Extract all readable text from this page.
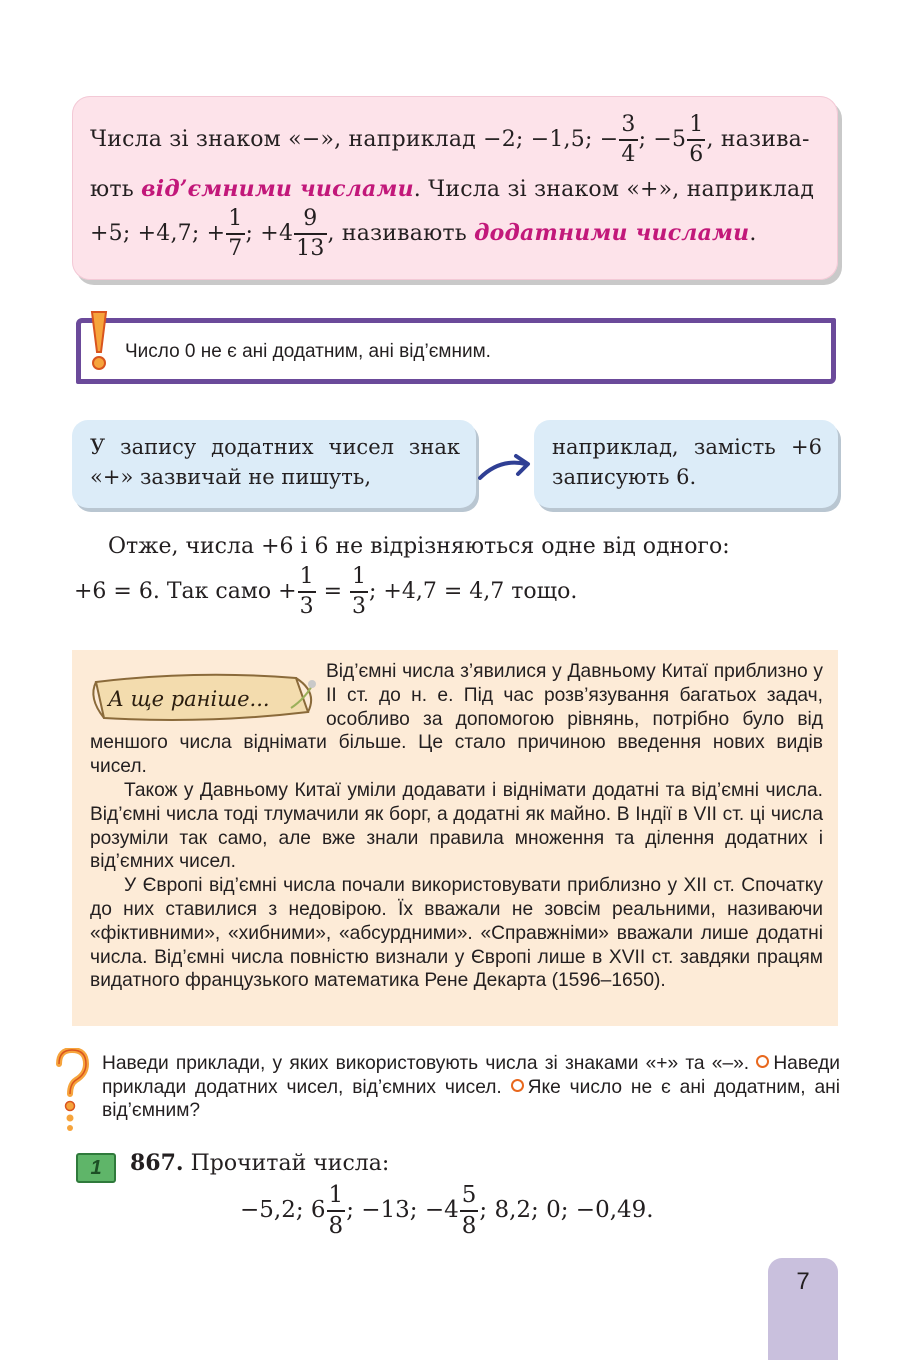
Числа зі знаком «−», наприклад −2; −1,5; − $\frac{3}{4}$ ; $-5 \frac{1}{6}$ , назива-
ють від’ємними числами. Числа зі знаком «+», наприклад
+5; +4,7; + $\frac{1}{7}$ ; $+4 \frac{9}{13}$ , називають додатними числами.
Число 0 не є ані додатним, ані від’ємним.
У запису додатних чисел знак «+» зазвичай не пишуть,
наприклад, замість +6 записують 6.
Отже, числа +6 і 6 не відрізняються одне від одного:
+6 = 6. Так само + $\frac{1}{3} = \frac{1}{3}$ ; +4,7 = 4,7 тощо.

Від’ємні числа з’явилися у Давньому Китаї приблизно у II ст. до н. е. Під час розв’язування багатьох задач, особливо за допомогою рівнянь, потрібно було від меншого числа віднімати більше. Це стало причиною введення нових видів чисел.

Також у Давньому Китаї уміли додавати і віднімати додатні та від’ємні числа. Від’ємні числа тоді тлумачили як борг, а додатні як майно. В Індії в VII ст. ці числа розуміли так само, але вже знали правила множення та ділення додатних і від’ємних чисел.

У Європі від’ємні числа почали використовувати приблизно у XII ст. Спочатку до них ставилися з недовірою. Їх вважали не зовсім реальними, називаючи «фіктивними», «хибними», «абсурдними». «Справжніми» вважали лише додатні числа. Від’ємні числа повністю визнали у Європі лише в XVII ст. завдяки працям видатного французького математика Рене Декарта (1596–1650).

А ще раніше...
Наведи приклади, у яких використовують числа зі знаками «+» та «–». Наведи приклади додатних чисел, від’ємних чисел. Яке число не є ані додатним, ані від’ємним?
1	867. Прочитай числа:
−5,2; $6 \frac{1}{8}$ ; −13; $-4 \frac{5}{8}$ ; 8,2; 0; −0,49.
7
